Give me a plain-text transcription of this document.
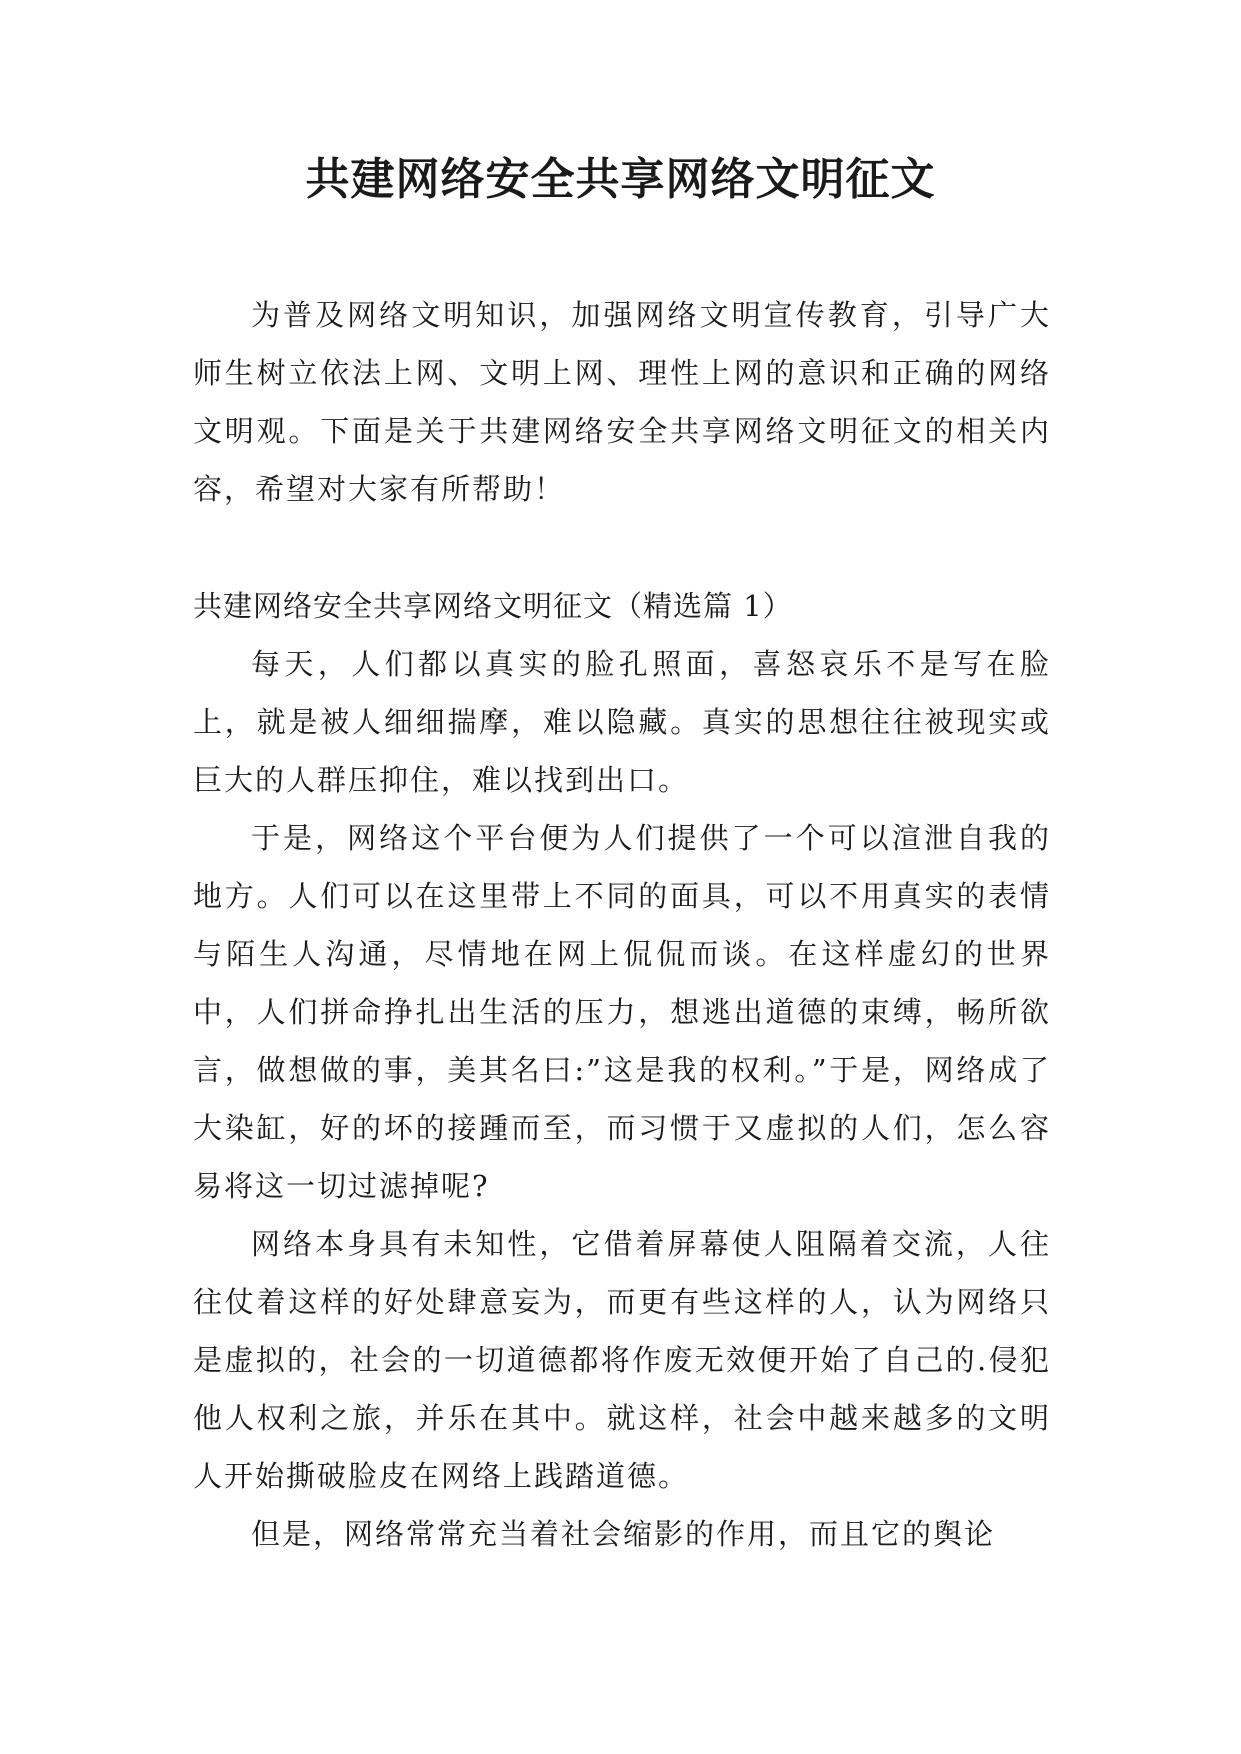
共建网络安全共享网络文明征文

为普及网络文明知识，加强网络文明宣传教育，引导广大师生树立依法上网、文明上网、理性上网的意识和正确的网络文明观。下面是关于共建网络安全共享网络文明征文的相关内容，希望对大家有所帮助！

共建网络安全共享网络文明征文（精选篇 1）

每天，人们都以真实的脸孔照面，喜怒哀乐不是写在脸上，就是被人细细揣摩，难以隐藏。真实的思想往往被现实或巨大的人群压抑住，难以找到出口。

于是，网络这个平台便为人们提供了一个可以渲泄自我的地方。人们可以在这里带上不同的面具，可以不用真实的表情与陌生人沟通，尽情地在网上侃侃而谈。在这样虚幻的世界中，人们拼命挣扎出生活的压力，想逃出道德的束缚，畅所欲言，做想做的事，美其名曰:”这是我的权利。”于是，网络成了大染缸，好的坏的接踵而至，而习惯于又虚拟的人们，怎么容易将这一切过滤掉呢?

网络本身具有未知性，它借着屏幕使人阻隔着交流，人往往仗着这样的好处肆意妄为，而更有些这样的人，认为网络只是虚拟的，社会的一切道德都将作废无效便开始了自己的.侵犯他人权利之旅，并乐在其中。就这样，社会中越来越多的文明人开始撕破脸皮在网络上践踏道德。

但是，网络常常充当着社会缩影的作用，而且它的舆论
